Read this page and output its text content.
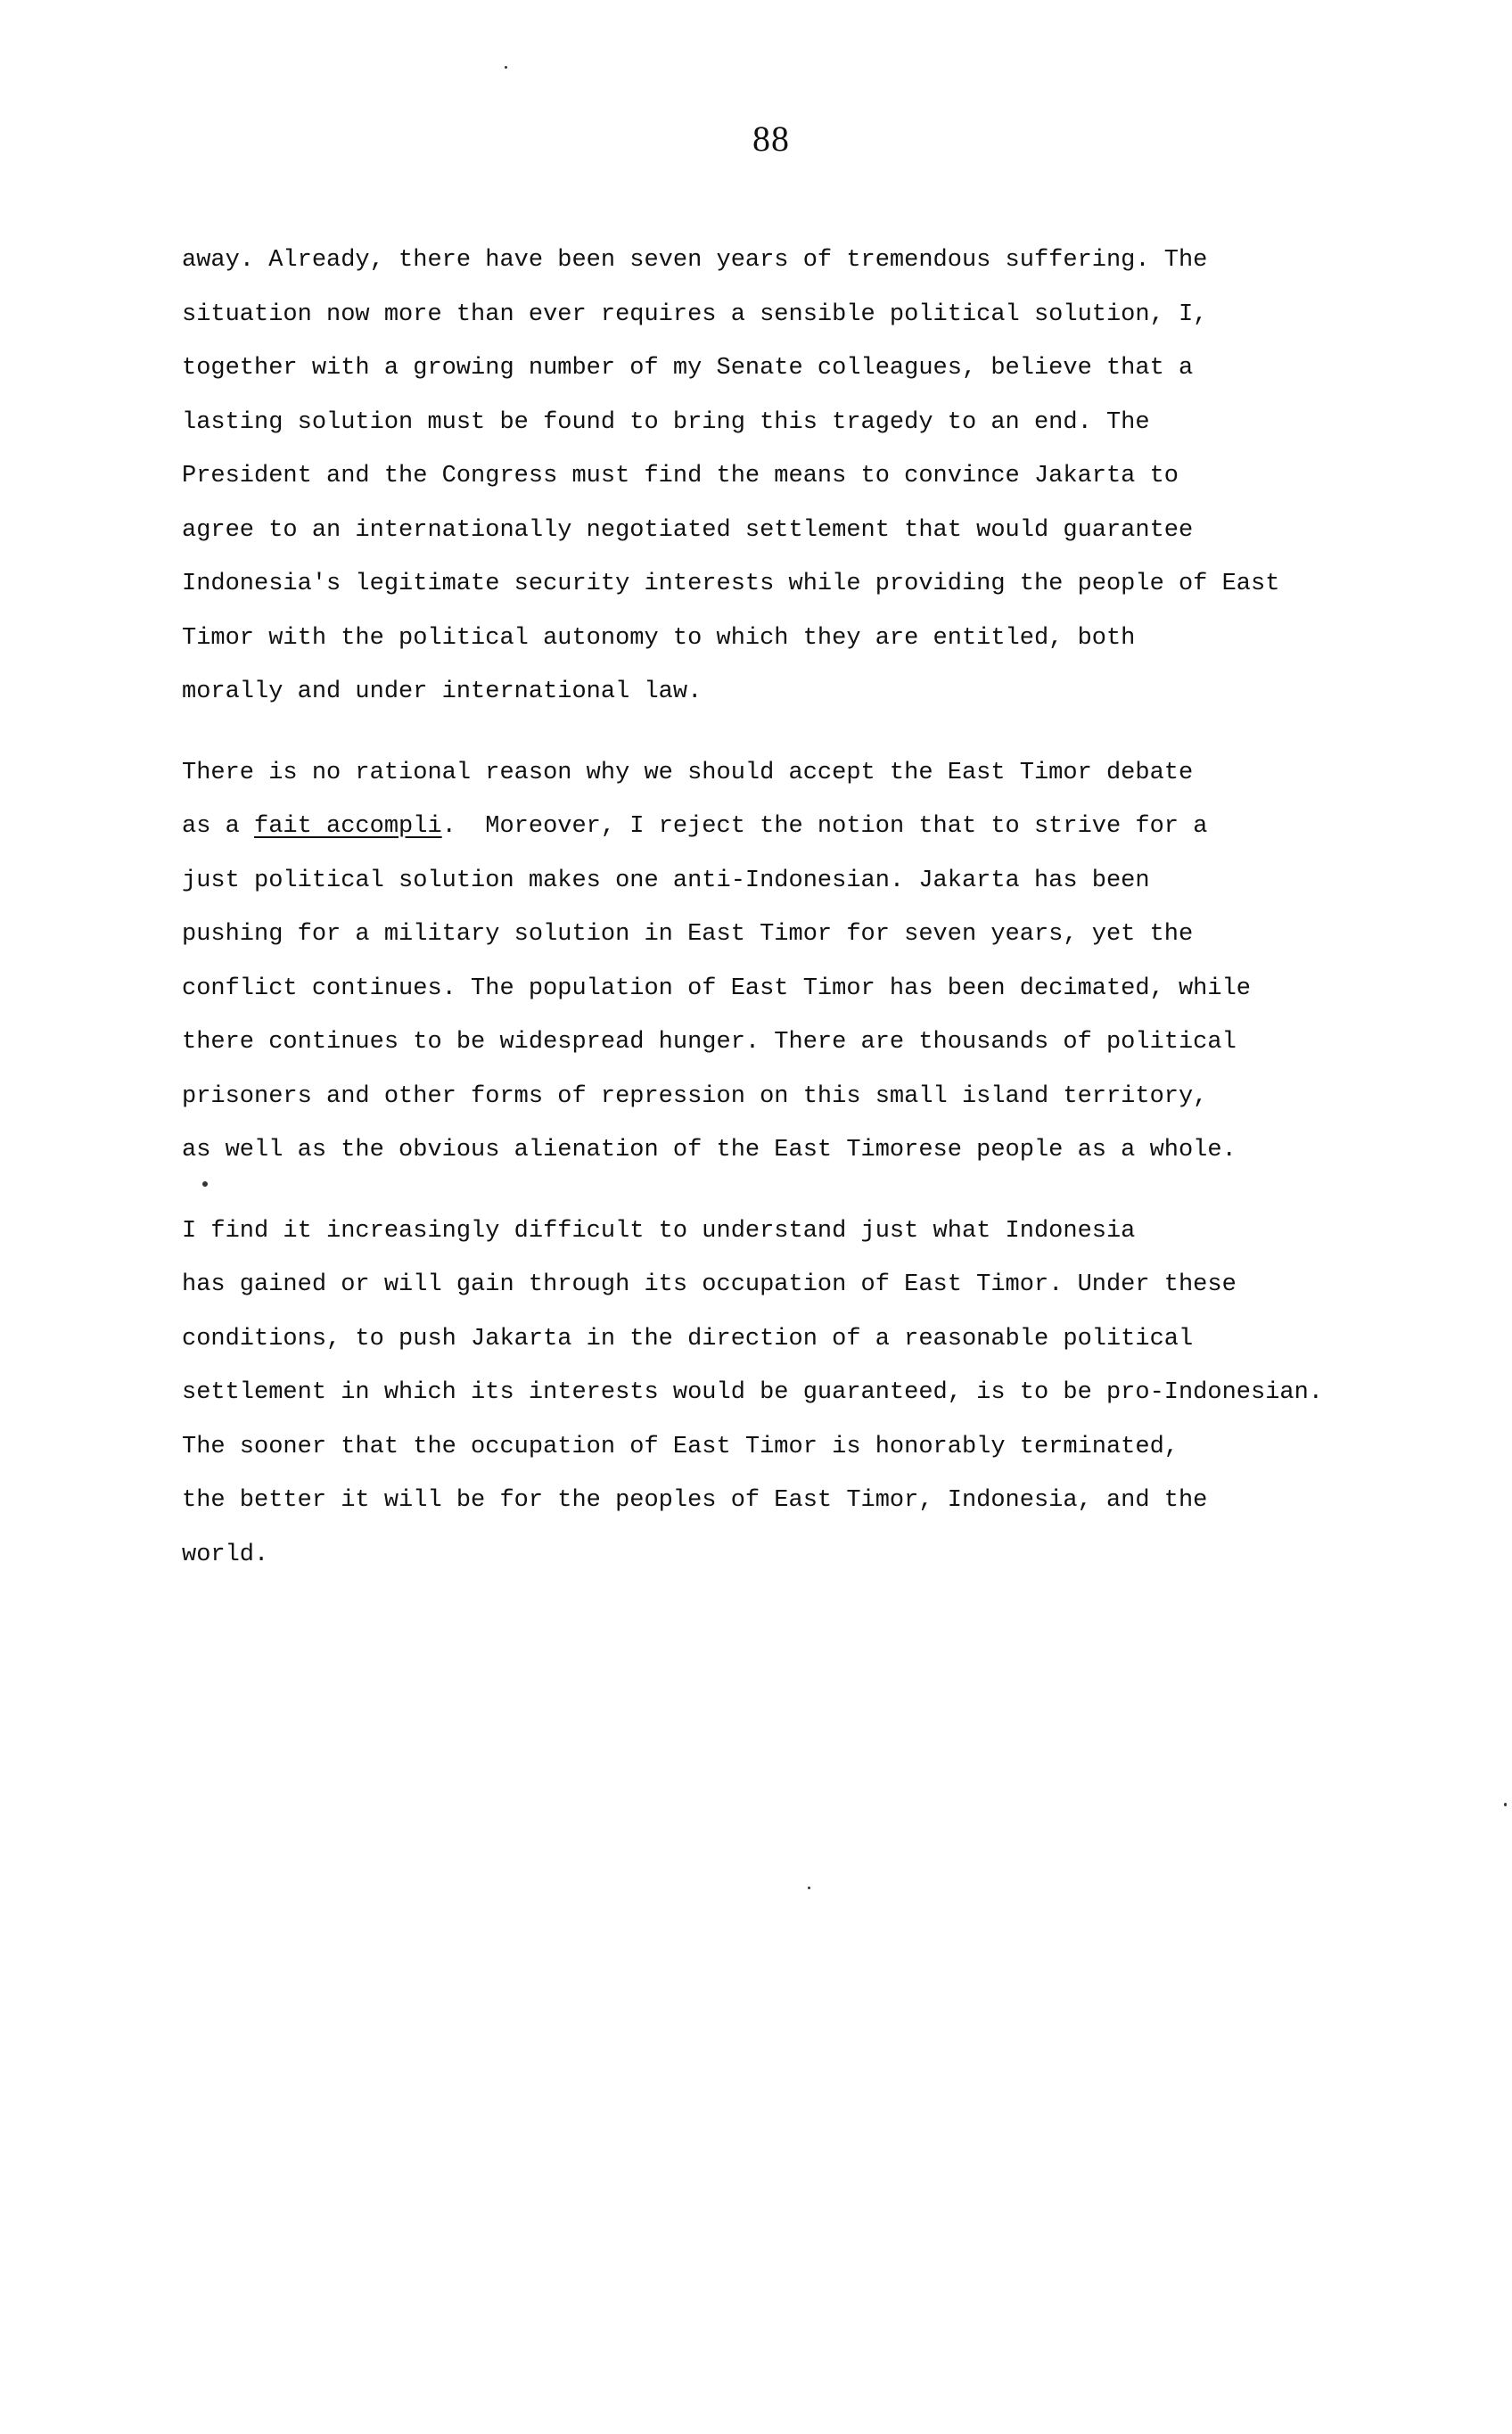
88

away. Already, there have been seven years of tremendous suffering. The
situation now more than ever requires a sensible political solution, I,
together with a growing number of my Senate colleagues, believe that a
lasting solution must be found to bring this tragedy to an end. The
President and the Congress must find the means to convince Jakarta to
agree to an internationally negotiated settlement that would guarantee
Indonesia's legitimate security interests while providing the people of East
Timor with the political autonomy to which they are entitled, both
morally and under international law.

There is no rational reason why we should accept the East Timor debate
as a fait accompli.  Moreover, I reject the notion that to strive for a
just political solution makes one anti-Indonesian. Jakarta has been
pushing for a military solution in East Timor for seven years, yet the
conflict continues. The population of East Timor has been decimated, while
there continues to be widespread hunger. There are thousands of political
prisoners and other forms of repression on this small island territory,
as well as the obvious alienation of the East Timorese people as a whole.

I find it increasingly difficult to understand just what Indonesia
has gained or will gain through its occupation of East Timor. Under these
conditions, to push Jakarta in the direction of a reasonable political
settlement in which its interests would be guaranteed, is to be pro-Indonesian.
The sooner that the occupation of East Timor is honorably terminated,
the better it will be for the peoples of East Timor, Indonesia, and the
world.
